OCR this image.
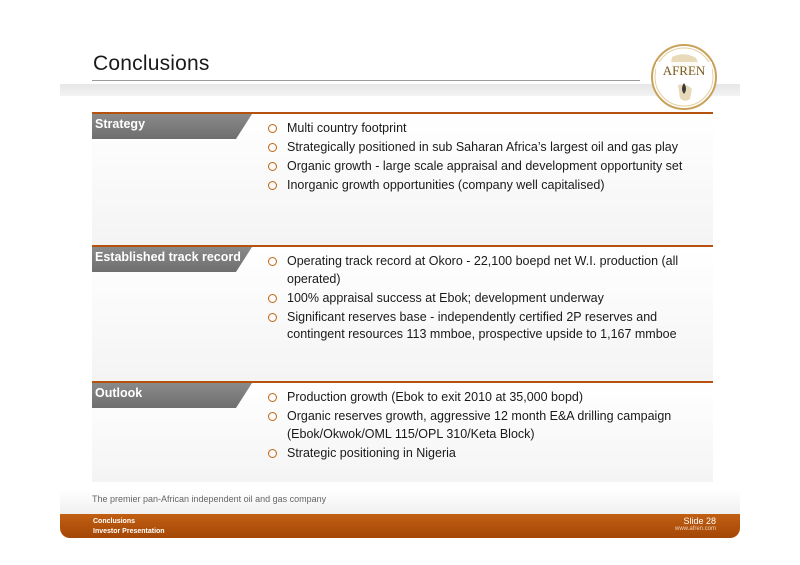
Conclusions	AFREN
Strategy	Multi country footprint
Strategically positioned in sub Saharan Africa’s largest oil and gas play
Organic growth - large scale appraisal and development opportunity set
Inorganic growth opportunities (company well capitalised)
Established track record	Operating track record at Okoro - 22,100 boepd net W.I. production (all operated)
100% appraisal success at Ebok; development underway
Significant reserves base - independently certified 2P reserves and contingent resources 113 mmboe, prospective upside to 1,167 mmboe
Outlook	Production growth (Ebok to exit 2010 at 35,000 bopd)
Organic reserves growth, aggressive 12 month E&A drilling campaign (Ebok/Okwok/OML 115/OPL 310/Keta Block)
Strategic positioning in Nigeria
The premier pan-African independent oil and gas company
Conclusions
Investor Presentation
Slide 28
www.afren.com
